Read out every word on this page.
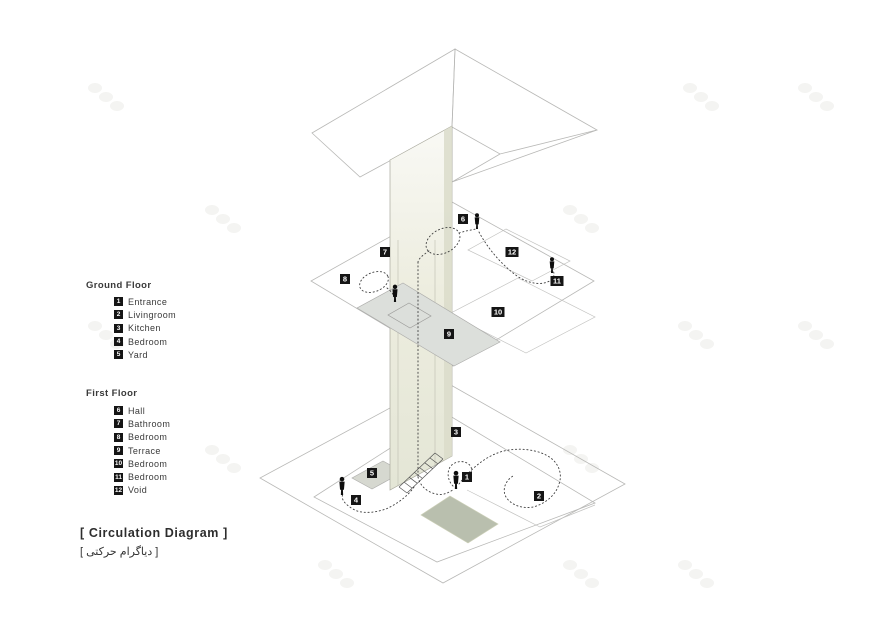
1
2
3
4
5
6
7
8
9
10
11
12
Ground Floor
1 Entrance
2 Livingroom
3 Kitchen
4 Bedroom
5 Yard
First Floor
6 Hall
7 Bathroom
8 Bedroom
9 Terrace
10 Bedroom
11 Bedroom
12 Void
[ Circulation Diagram ]
[ دیاگرام حرکتی ]
